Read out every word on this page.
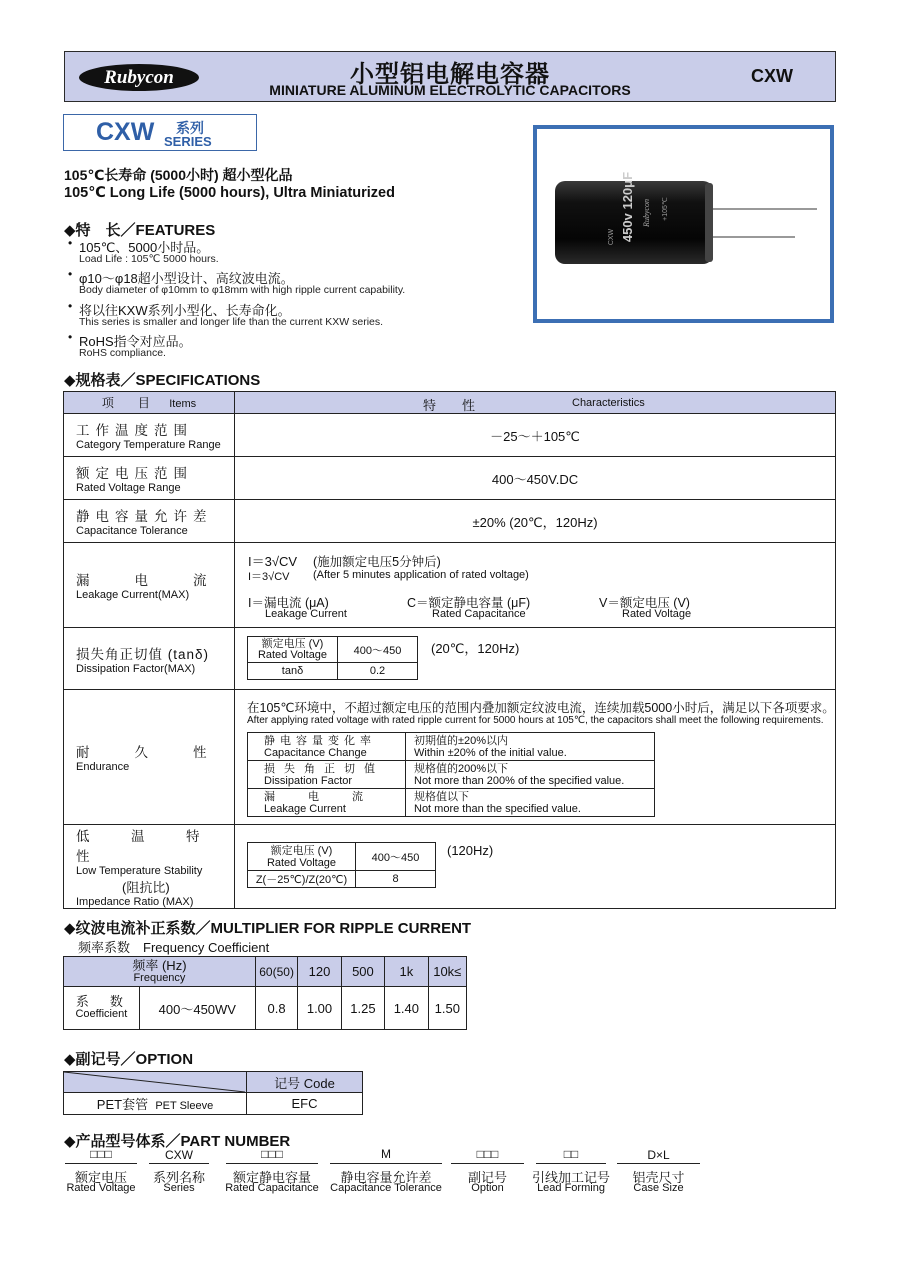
Rubycon	小型铝电解电容器
MINIATURE ALUMINUM ELECTROLYTIC CAPACITORS
CXW
CXW 系列
SERIES
105℃长寿命 (5000小时) 超小型化品
105℃ Long Life (5000 hours), Ultra Miniaturized	450v 120μF Rubycon
CXW
+105℃
◆特　长／FEATURES
• 105℃、5000小时品。
Load Life : 105℃ 5000 hours.
• φ10～φ18超小型设计、高纹波电流。
Body diameter of φ10mm to φ18mm with high ripple current capability.
• 将以往KXW系列小型化、长寿命化。
This series is smaller and longer life than the current KXW series.
• RoHS指令对应品。
RoHS compliance.
◆规格表／SPECIFICATIONS
项　目 Items	特　　性	Characteristics

工作温度范围
Category Temperature Range
	－25～＋105℃

额定电压范围
Rated Voltage Range
	400～450V.DC

静电容量允许差
Capacitance Tolerance
	±20% (20℃，120Hz)

漏　　电　　流
Leakage Current(MAX)

I＝3√CV (施加额定电压5分钟后)
I＝3√CV (After 5 minutes application of rated voltage)
I＝漏电流 (μA)
Leakage Current
C＝额定静电容量 (μF)
Rated Capacitance
V＝额定电压 (V)
Rated Voltage

损失角正切值 (tanδ)
Dissipation Factor(MAX)

额定电压 (V)
Rated Voltage	400～450
tanδ	0.2
(20℃，120Hz)

耐　　久　　性
Endurance

在105℃环境中，不超过额定电压的范围内叠加额定纹波电流，连续加载5000小时后，满足以下各项要求。
After applying rated voltage with rated ripple current for 5000 hours at 105℃, the capacitors shall meet the following requirements.
静电容量变化率
Capacitance Change

初期值的±20%以内
Within ±20% of the initial value.

损失角正切值
Dissipation Factor

规格值的200%以下
Not more than 200% of the specified value.

漏　　　电　　　流
Leakage Current

规格值以下
Not more than the specified value.

低　温　特　性
Low Temperature Stability
(阻抗比)
Impedance Ratio (MAX)

额定电压 (V)
Rated Voltage	400～450
Z(－25℃)/Z(20℃)	8
(120Hz)
◆纹波电流补正系数／MULTIPLIER FOR RIPPLE CURRENT
频率系数　Frequency Coefficient
频率 (Hz)
Frequency		60(50)	120	500	1k	10k≤

系　数
Coefficient	400～450WV	0.8	1.00	1.25	1.40	1.50
◆副记号／OPTION
	记号 Code
PET套管 PET Sleeve	EFC
◆产品型号体系／PART NUMBER
□□□
额定电压
Rated Voltage
CXW
系列名称
Series
□□□
额定静电容量
Rated Capacitance
M
静电容量允许差
Capacitance Tolerance
□□□
副记号
Option
□□
引线加工记号
Lead Forming
D×L
铝壳尺寸
Case Size
